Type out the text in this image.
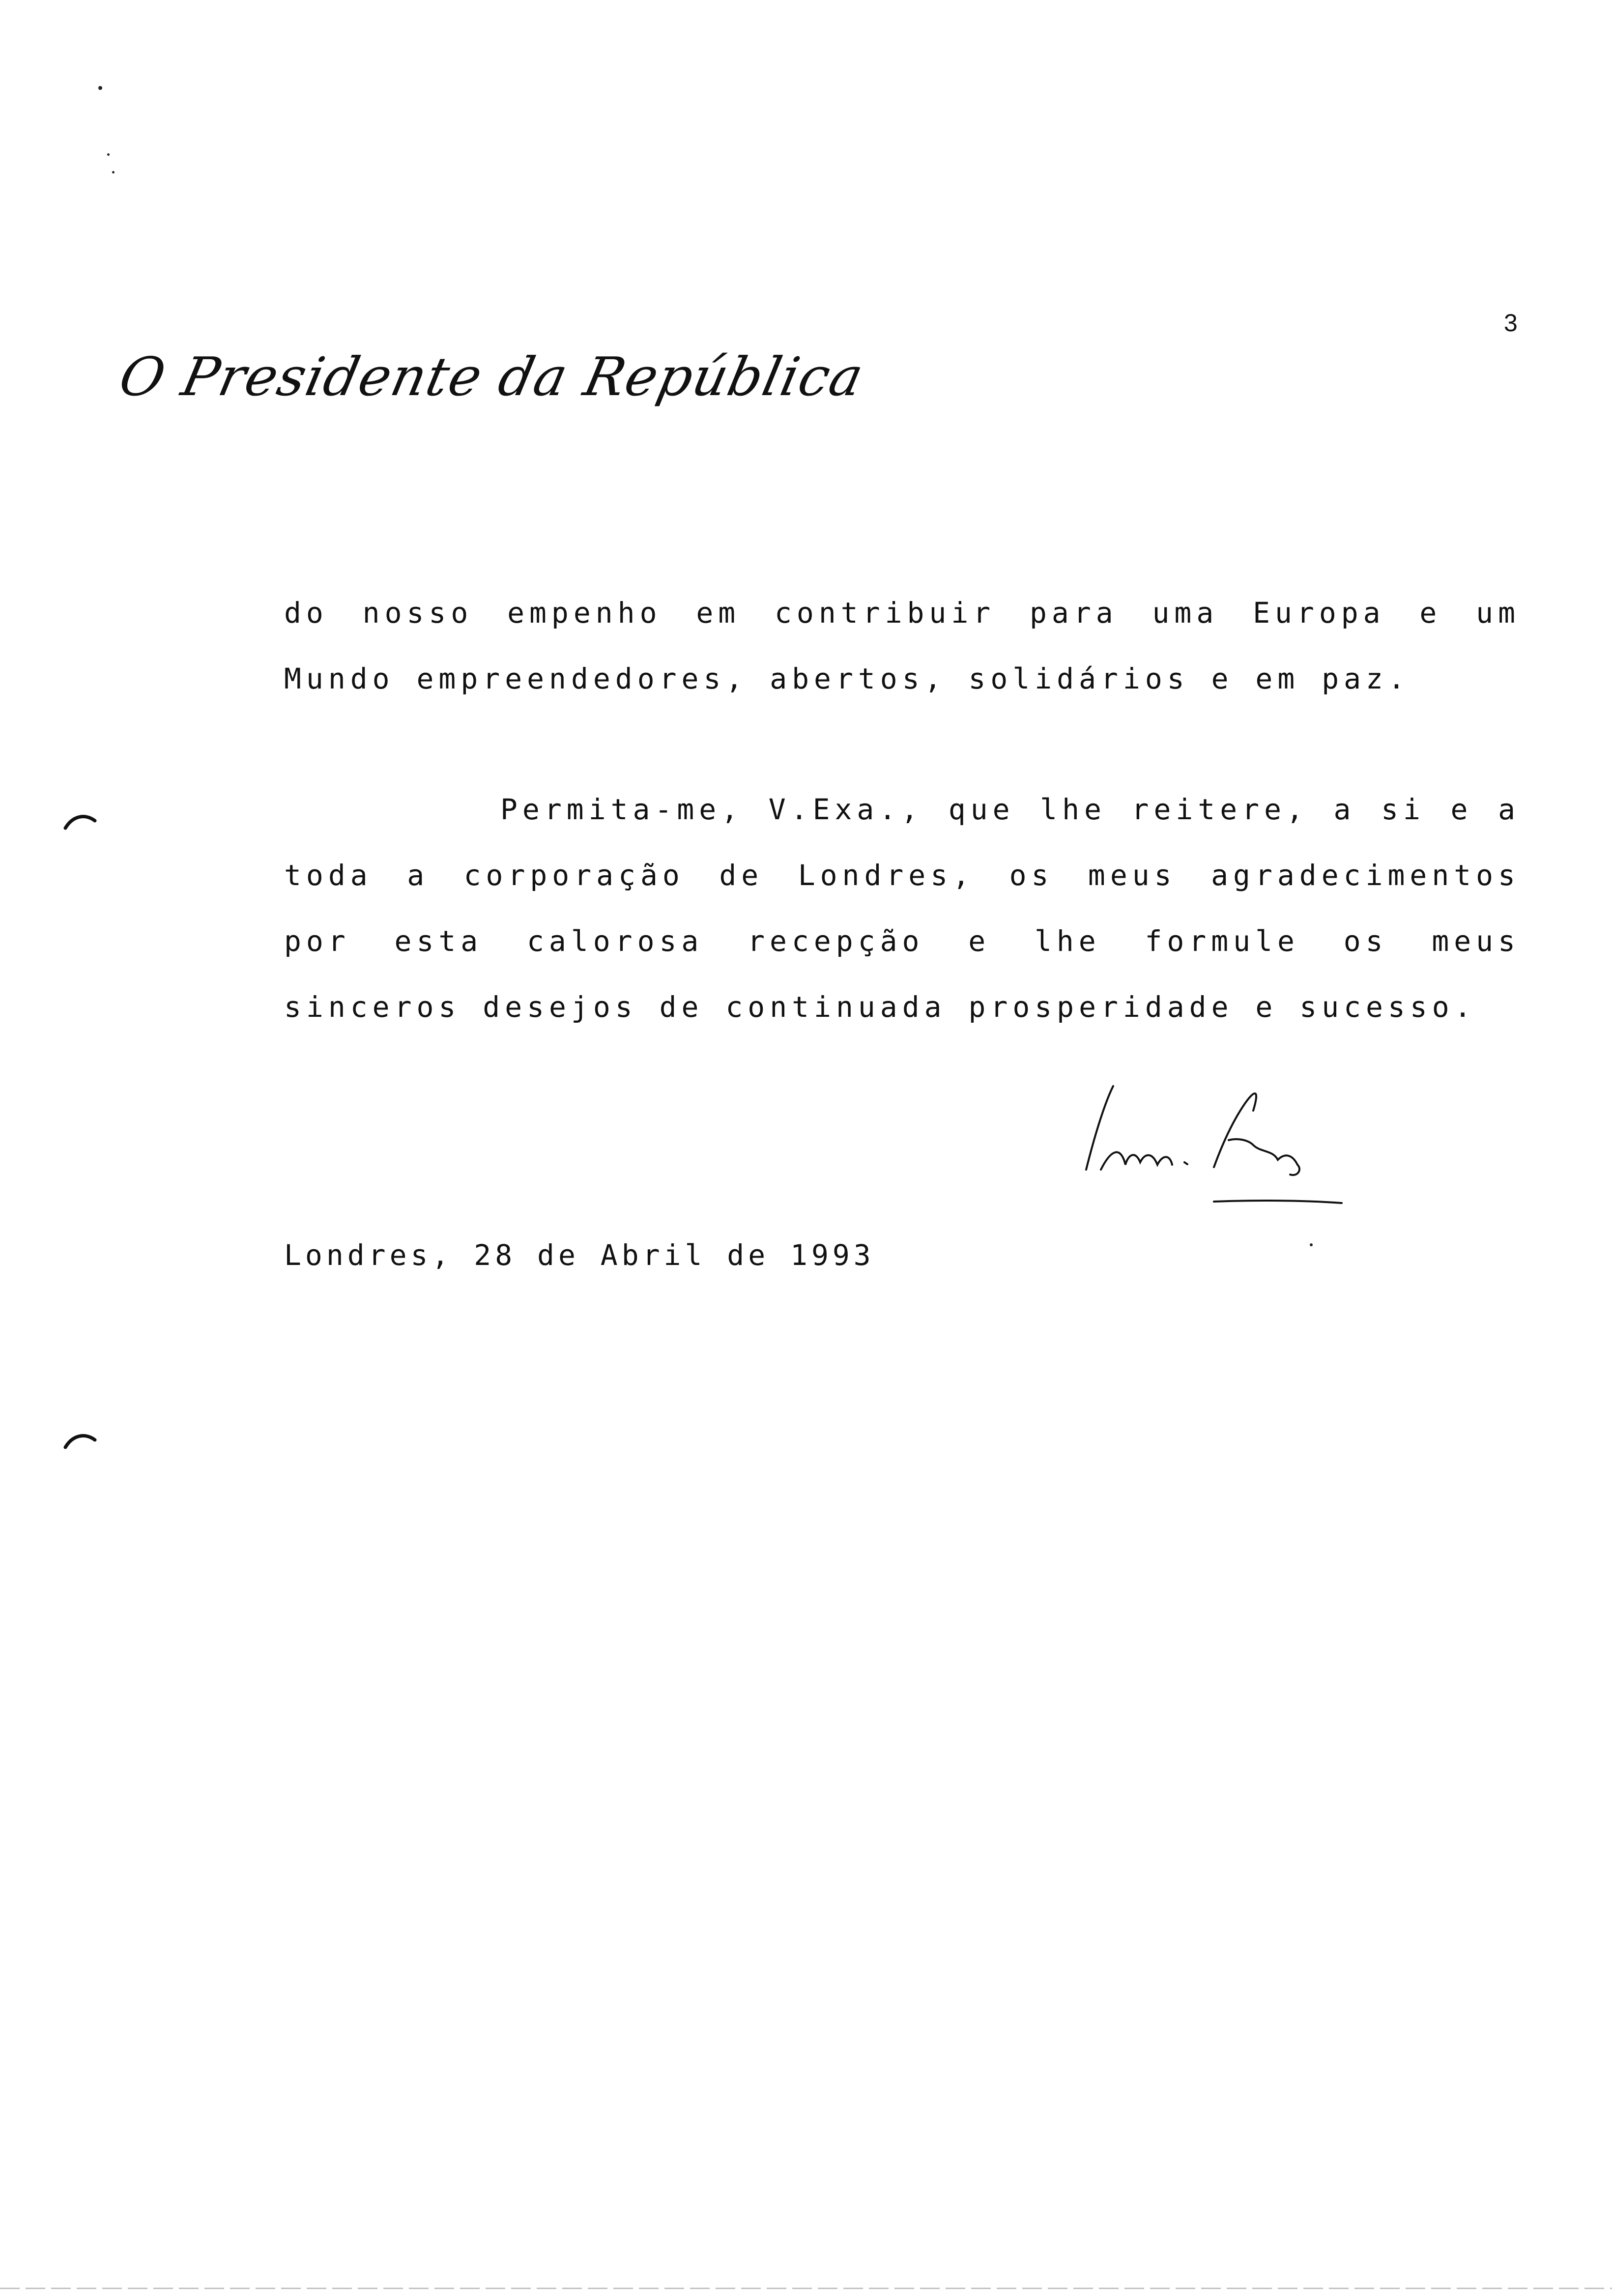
3
O Presidente da República
do nosso empenho em contribuir para uma Europa e um Mundo empreendedores, abertos, solidários e em paz.
Permita-me, V.Exa., que lhe reitere, a si e a toda a corporação de Londres, os meus agradecimentos por esta calorosa recepção e lhe formule os meus sinceros desejos de continuada prosperidade e sucesso.
Londres, 28 de Abril de 1993
